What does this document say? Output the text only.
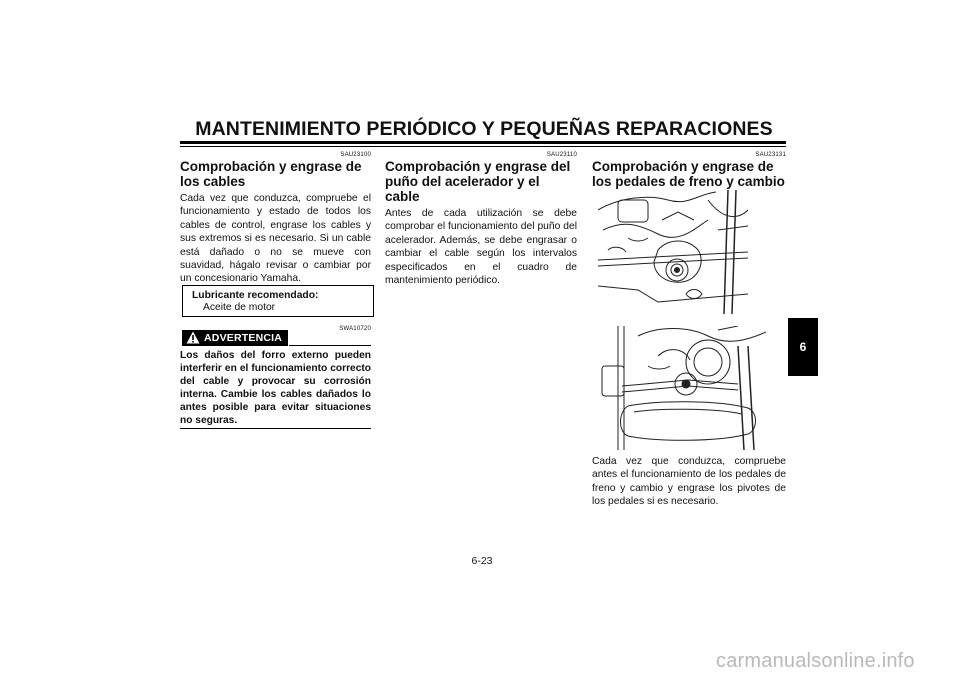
MANTENIMIENTO PERIÓDICO Y PEQUEÑAS REPARACIONES
SAU23100
Comprobación y engrase de los cables

Cada vez que conduzca, compruebe el funcionamiento y estado de todos los cables de control, engrase los cables y sus extremos si es necesario. Si un cable está dañado o no se mueve con suavidad, hágalo revisar o cambiar por un concesionario Yamaha.

Lubricante recomendado:
Aceite de motor
SWA10720
ADVERTENCIA

Los daños del forro externo pueden interferir en el funcionamiento correcto del cable y provocar su corrosión interna. Cambie los cables dañados lo antes posible para evitar situaciones no seguras.

SAU23110
Comprobación y engrase del puño del acelerador y el cable

Antes de cada utilización se debe comprobar el funcionamiento del puño del acelerador. Además, se debe engrasar o cambiar el cable según los intervalos especificados en el cuadro de mantenimiento periódico.

SAU23131
Comprobación y engrase de los pedales de freno y cambio

Cada vez que conduzca, compruebe antes el funcionamiento de los pedales de freno y cambio y engrase los pivotes de los pedales si es necesario.

6
6-23
carmanualsonline.info
